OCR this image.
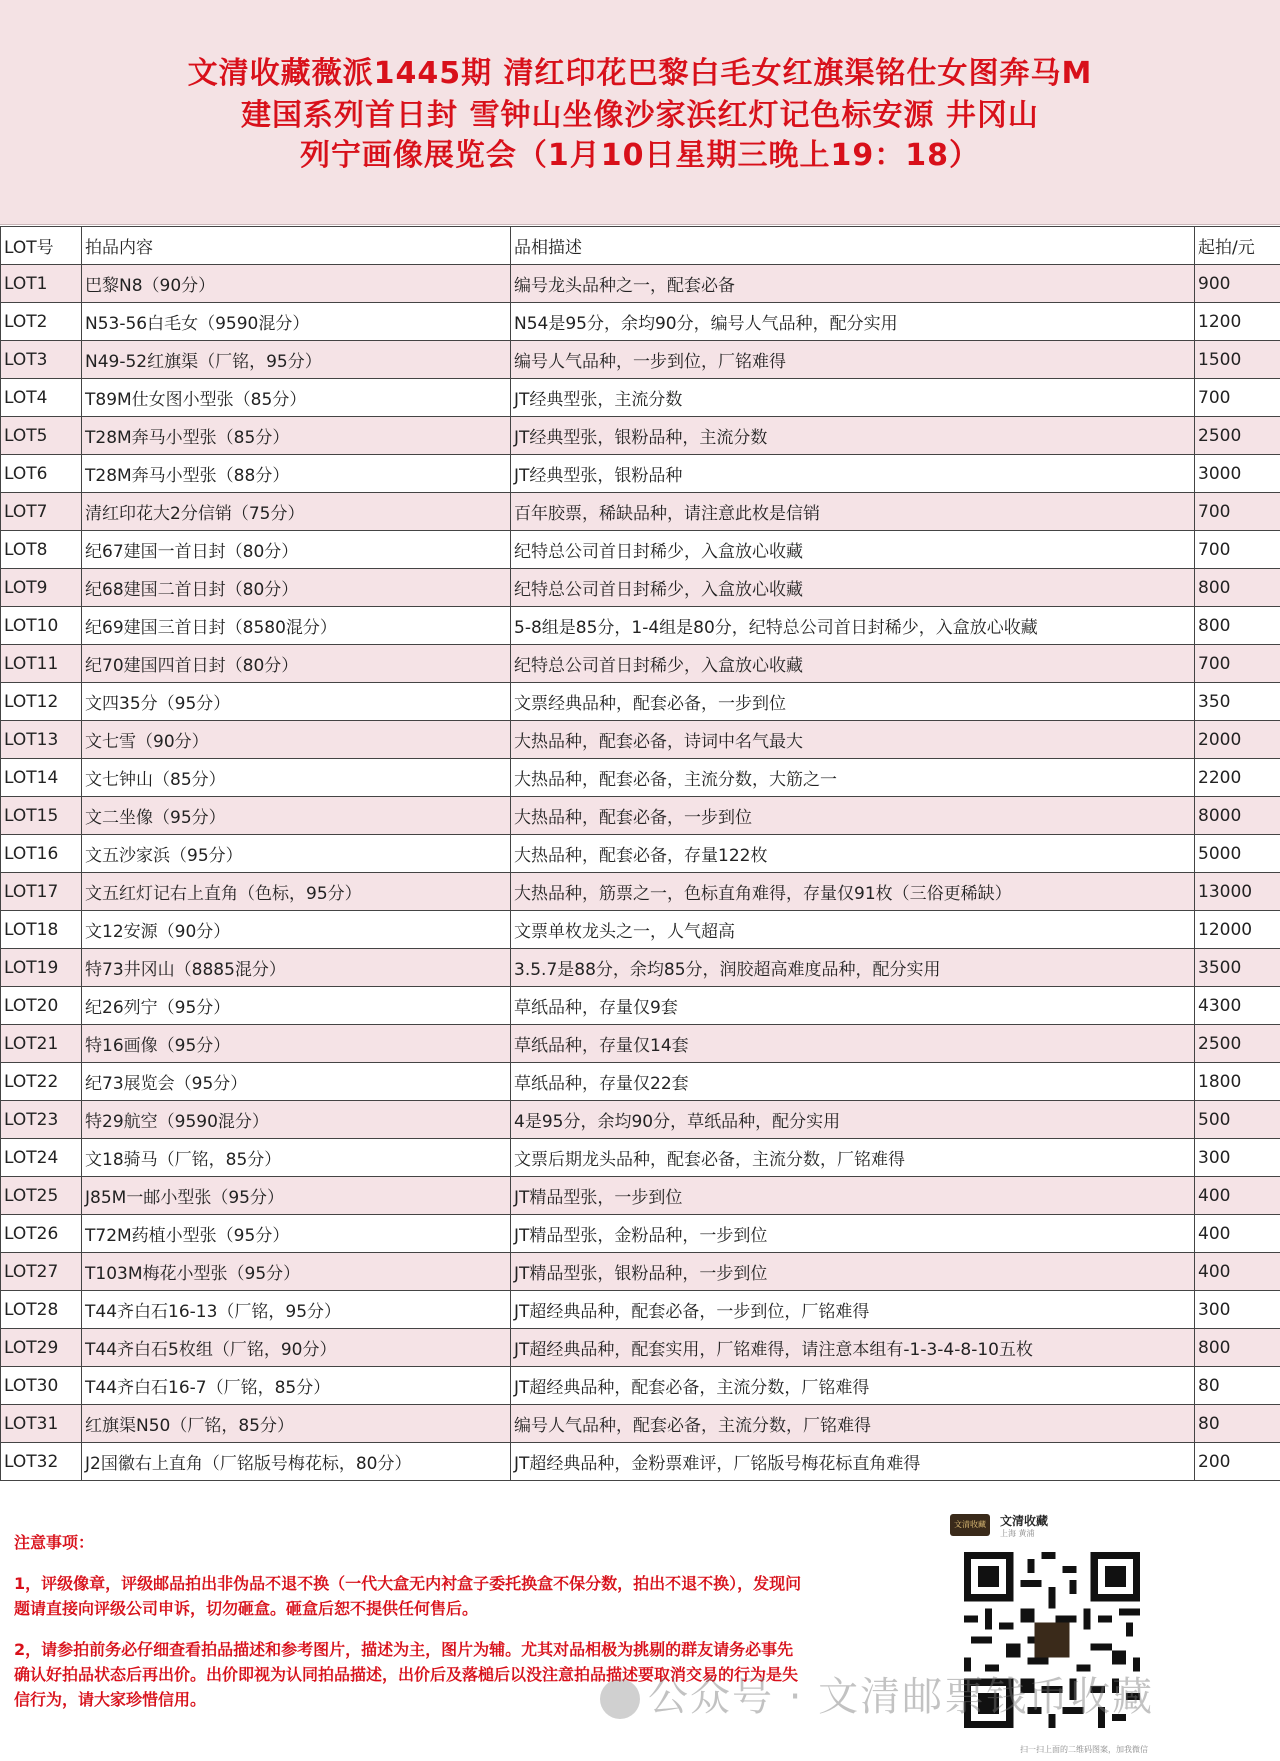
文清收藏薇派1445期 清红印花巴黎白毛女红旗渠铭仕女图奔马M
建国系列首日封 雪钟山坐像沙家浜红灯记色标安源 井冈山
列宁画像展览会（1月10日星期三晚上19：18）
LOT号	拍品内容	品相描述	起拍/元
LOT1	巴黎N8（90分）	编号龙头品种之一，配套必备	900
LOT2	N53-56白毛女（9590混分）	N54是95分，余均90分，编号人气品种，配分实用	1200
LOT3	N49-52红旗渠（厂铭，95分）	编号人气品种，一步到位，厂铭难得	1500
LOT4	T89M仕女图小型张（85分）	JT经典型张，主流分数	700
LOT5	T28M奔马小型张（85分）	JT经典型张，银粉品种，主流分数	2500
LOT6	T28M奔马小型张（88分）	JT经典型张，银粉品种	3000
LOT7	清红印花大2分信销（75分）	百年胶票，稀缺品种，请注意此枚是信销	700
LOT8	纪67建国一首日封（80分）	纪特总公司首日封稀少，入盒放心收藏	700
LOT9	纪68建国二首日封（80分）	纪特总公司首日封稀少，入盒放心收藏	800
LOT10	纪69建国三首日封（8580混分）	5-8组是85分，1-4组是80分，纪特总公司首日封稀少，入盒放心收藏	800
LOT11	纪70建国四首日封（80分）	纪特总公司首日封稀少，入盒放心收藏	700
LOT12	文四35分（95分）	文票经典品种，配套必备，一步到位	350
LOT13	文七雪（90分）	大热品种，配套必备，诗词中名气最大	2000
LOT14	文七钟山（85分）	大热品种，配套必备，主流分数，大筋之一	2200
LOT15	文二坐像（95分）	大热品种，配套必备，一步到位	8000
LOT16	文五沙家浜（95分）	大热品种，配套必备，存量122枚	5000
LOT17	文五红灯记右上直角（色标，95分）	大热品种，筋票之一，色标直角难得，存量仅91枚（三俗更稀缺）	13000
LOT18	文12安源（90分）	文票单枚龙头之一，人气超高	12000
LOT19	特73井冈山（8885混分）	3.5.7是88分，余均85分，润胶超高难度品种，配分实用	3500
LOT20	纪26列宁（95分）	草纸品种，存量仅9套	4300
LOT21	特16画像（95分）	草纸品种，存量仅14套	2500
LOT22	纪73展览会（95分）	草纸品种，存量仅22套	1800
LOT23	特29航空（9590混分）	4是95分，余均90分，草纸品种，配分实用	500
LOT24	文18骑马（厂铭，85分）	文票后期龙头品种，配套必备，主流分数，厂铭难得	300
LOT25	J85M一邮小型张（95分）	JT精品型张，一步到位	400
LOT26	T72M药植小型张（95分）	JT精品型张，金粉品种，一步到位	400
LOT27	T103M梅花小型张（95分）	JT精品型张，银粉品种，一步到位	400
LOT28	T44齐白石16-13（厂铭，95分）	JT超经典品种，配套必备，一步到位，厂铭难得	300
LOT29	T44齐白石5枚组（厂铭，90分）	JT超经典品种，配套实用，厂铭难得，请注意本组有-1-3-4-8-10五枚	800
LOT30	T44齐白石16-7（厂铭，85分）	JT超经典品种，配套必备，主流分数，厂铭难得	80
LOT31	红旗渠N50（厂铭，85分）	编号人气品种，配套必备，主流分数，厂铭难得	80
LOT32	J2国徽右上直角（厂铭版号梅花标，80分）	JT超经典品种，金粉票难评，厂铭版号梅花标直角难得	200
注意事项：

1，评级像章，评级邮品拍出非伪品不退不换（一代大盒无内衬盒子委托换盒不保分数，拍出不退不换），发现问题请直接向评级公司申诉，切勿砸盒。砸盒后恕不提供任何售后。

2，请参拍前务必仔细查看拍品描述和参考图片，描述为主，图片为辅。尤其对品相极为挑剔的群友请务必事先确认好拍品状态后再出价。出价即视为认同拍品描述，出价后及落槌后以没注意拍品描述要取消交易的行为是失信行为，请大家珍惜信用。

文清收藏	文清收藏
上海 黄浦
扫一扫上面的二维码图案，加我微信
公众号 · 文清邮票钱币收藏
